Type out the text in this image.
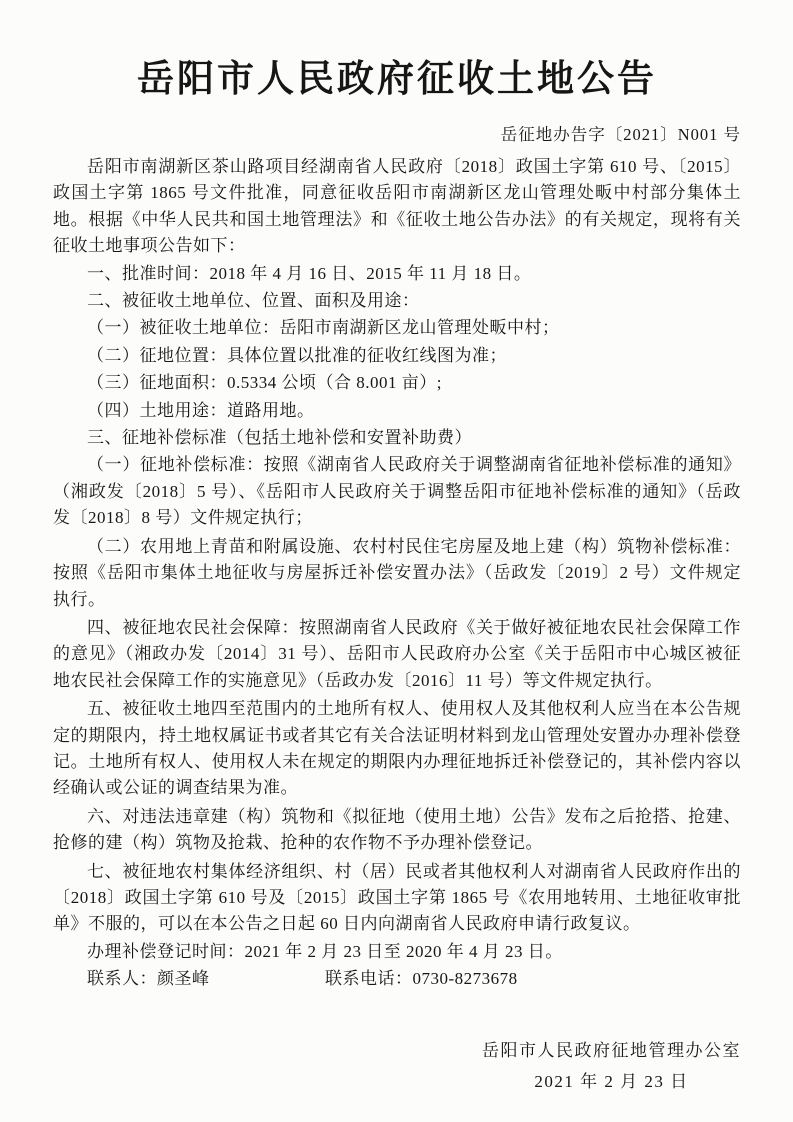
岳阳市人民政府征收土地公告
岳征地办告字〔2021〕N001 号

岳阳市南湖新区茶山路项目经湖南省人民政府〔2018〕政国土字第 610 号、〔2015〕政国土字第 1865 号文件批准，同意征收岳阳市南湖新区龙山管理处畈中村部分集体土地。根据《中华人民共和国土地管理法》和《征收土地公告办法》的有关规定，现将有关征收土地事项公告如下：

一、批准时间：2018 年 4 月 16 日、2015 年 11 月 18 日。

二、被征收土地单位、位置、面积及用途：

（一）被征收土地单位：岳阳市南湖新区龙山管理处畈中村；

（二）征地位置：具体位置以批准的征收红线图为准；

（三）征地面积：0.5334 公顷（合 8.001 亩）;

（四）土地用途：道路用地。

三、征地补偿标准（包括土地补偿和安置补助费）

（一）征地补偿标准：按照《湖南省人民政府关于调整湖南省征地补偿标准的通知》（湘政发〔2018〕5 号）、《岳阳市人民政府关于调整岳阳市征地补偿标准的通知》（岳政发〔2018〕8 号）文件规定执行；

（二）农用地上青苗和附属设施、农村村民住宅房屋及地上建（构）筑物补偿标准：按照《岳阳市集体土地征收与房屋拆迁补偿安置办法》（岳政发〔2019〕2 号）文件规定执行。

四、被征地农民社会保障：按照湖南省人民政府《关于做好被征地农民社会保障工作的意见》（湘政办发〔2014〕31 号）、岳阳市人民政府办公室《关于岳阳市中心城区被征地农民社会保障工作的实施意见》（岳政办发〔2016〕11 号）等文件规定执行。

五、被征收土地四至范围内的土地所有权人、使用权人及其他权利人应当在本公告规定的期限内，持土地权属证书或者其它有关合法证明材料到龙山管理处安置办办理补偿登记。土地所有权人、使用权人未在规定的期限内办理征地拆迁补偿登记的，其补偿内容以经确认或公证的调查结果为准。

六、对违法违章建（构）筑物和《拟征地（使用土地）公告》发布之后抢搭、抢建、抢修的建（构）筑物及抢栽、抢种的农作物不予办理补偿登记。

七、被征地农村集体经济组织、村（居）民或者其他权利人对湖南省人民政府作出的〔2018〕政国土字第 610 号及〔2015〕政国土字第 1865 号《农用地转用、土地征收审批单》不服的，可以在本公告之日起 60 日内向湖南省人民政府申请行政复议。

办理补偿登记时间：2021 年 2 月 23 日至 2020 年 4 月 23 日。

联系人：颜圣峰	联系电话：0730-8273678
岳阳市人民政府征地管理办公室
2021 年 2 月 23 日
